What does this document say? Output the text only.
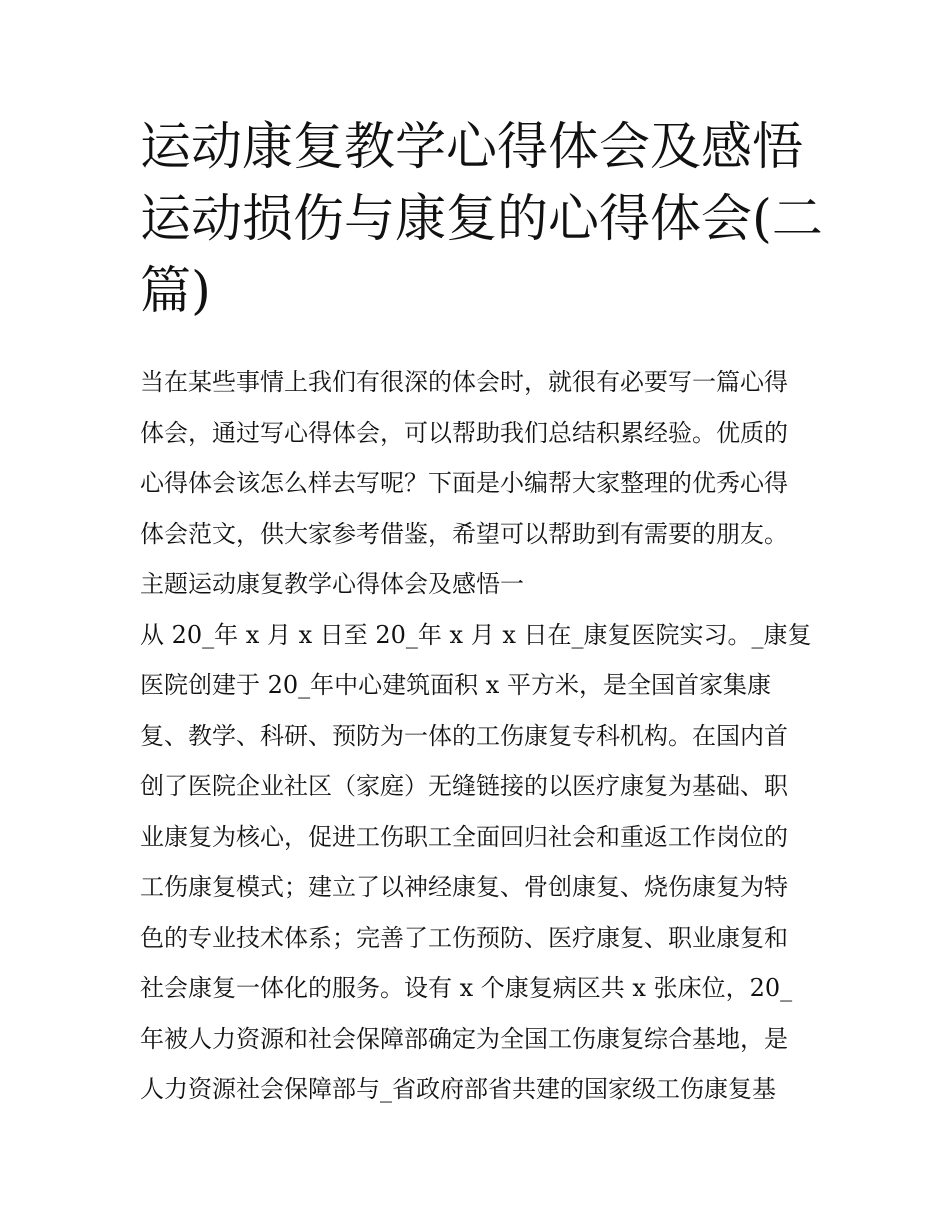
运动康复教学心得体会及感悟
运动损伤与康复的心得体会(二
篇)
当在某些事情上我们有很深的体会时，就很有必要写一篇心得
体会，通过写心得体会，可以帮助我们总结积累经验。优质的
心得体会该怎么样去写呢？下面是小编帮大家整理的优秀心得
体会范文，供大家参考借鉴，希望可以帮助到有需要的朋友。
主题运动康复教学心得体会及感悟一
从 20_年 x 月 x 日至 20_年 x 月 x 日在_康复医院实习。_康复
医院创建于 20_年中心建筑面积 x 平方米，是全国首家集康
复、教学、科研、预防为一体的工伤康复专科机构。在国内首
创了医院企业社区（家庭）无缝链接的以医疗康复为基础、职
业康复为核心，促进工伤职工全面回归社会和重返工作岗位的
工伤康复模式；建立了以神经康复、骨创康复、烧伤康复为特
色的专业技术体系；完善了工伤预防、医疗康复、职业康复和
社会康复一体化的服务。设有 x 个康复病区共 x 张床位，20_
年被人力资源和社会保障部确定为全国工伤康复综合基地，是
人力资源社会保障部与_省政府部省共建的国家级工伤康复基
